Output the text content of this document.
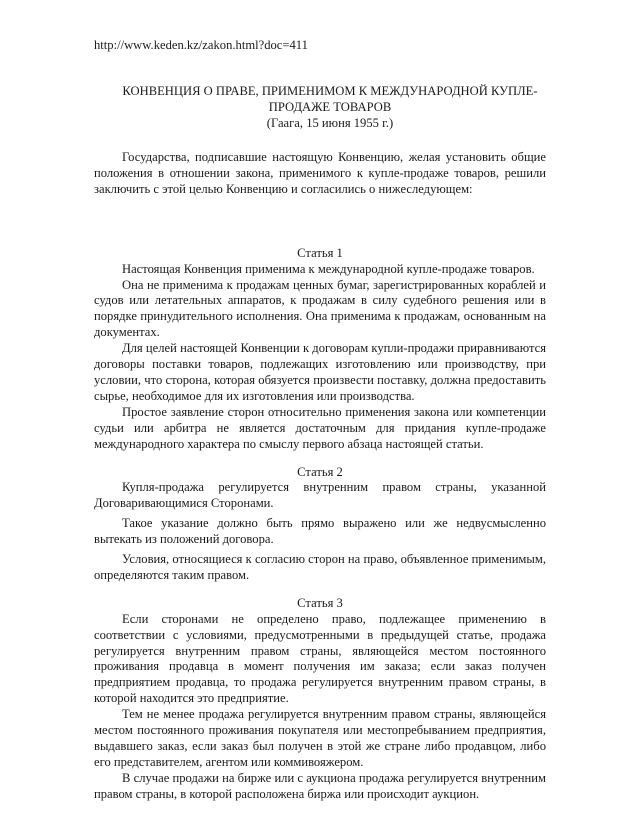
http://www.keden.kz/zakon.html?doc=411
КОНВЕНЦИЯ О ПРАВЕ, ПРИМЕНИМОМ К МЕЖДУНАРОДНОЙ КУПЛЕ-
ПРОДАЖЕ ТОВАРОВ
(Гаага, 15 июня 1955 г.)

Государства, подписавшие настоящую Конвенцию, желая установить общие положения в отношении закона, применимого к купле-продаже товаров, решили заключить с этой целью Конвенцию и согласились о нижеследующем:

Статья 1

Настоящая Конвенция применима к международной купле-продаже товаров.

Она не применима к продажам ценных бумаг, зарегистрированных кораблей и судов или летательных аппаратов, к продажам в силу судебного решения или в порядке принудительного исполнения. Она применима к продажам, основанным на документах.

Для целей настоящей Конвенции к договорам купли-продажи приравниваются договоры поставки товаров, подлежащих изготовлению или производству, при условии, что сторона, которая обязуется произвести поставку, должна предоставить сырье, необходимое для их изготовления или производства.

Простое заявление сторон относительно применения закона или компетенции судьи или арбитра не является достаточным для придания купле-продаже международного характера по смыслу первого абзаца настоящей статьи.

Статья 2

Купля-продажа регулируется внутренним правом страны, указанной Договаривающимися Сторонами.

Такое указание должно быть прямо выражено или же недвусмысленно вытекать из положений договора.

Условия, относящиеся к согласию сторон на право, объявленное применимым, определяются таким правом.

Статья 3

Если сторонами не определено право, подлежащее применению в соответствии с условиями, предусмотренными в предыдущей статье, продажа регулируется внутренним правом страны, являющейся местом постоянного проживания продавца в момент получения им заказа; если заказ получен предприятием продавца, то продажа регулируется внутренним правом страны, в которой находится это предприятие.

Тем не менее продажа регулируется внутренним правом страны, являющейся местом постоянного проживания покупателя или местопребыванием предприятия, выдавшего заказ, если заказ был получен в этой же стране либо продавцом, либо его представителем, агентом или коммивояжером.

В случае продажи на бирже или с аукциона продажа регулируется внутренним правом страны, в которой расположена биржа или происходит аукцион.
